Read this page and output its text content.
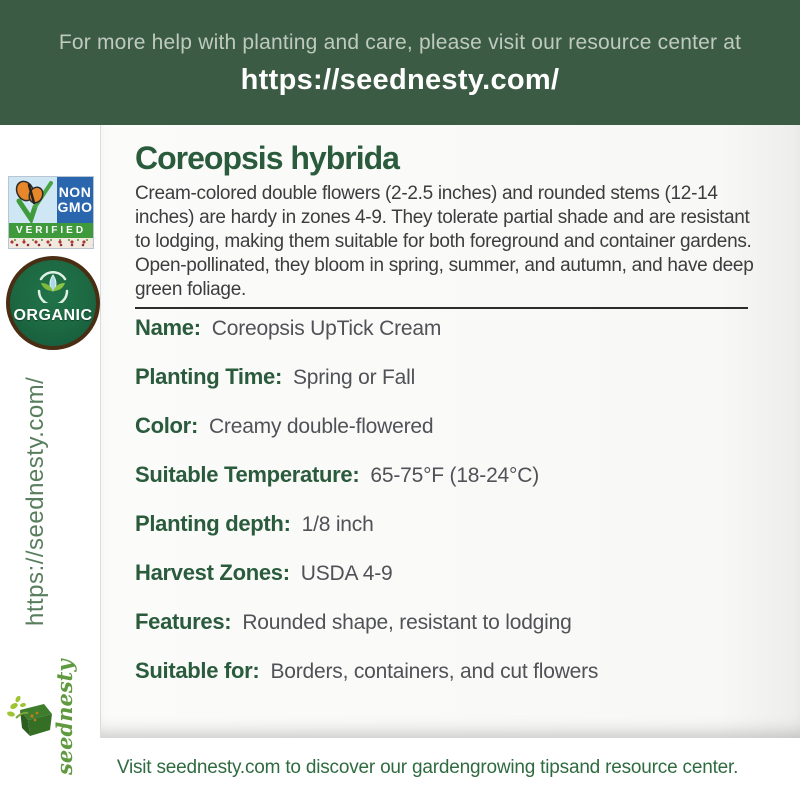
For more help with planting and care, please visit our resource center at
https://seednesty.com/
NON
GMO
VERIFIED
ORGANIC
https://seednesty.com/
seednesty
Coreopsis hybrida
Cream-colored double flowers (2-2.5 inches) and rounded stems (12-14 inches) are hardy in zones 4-9. They tolerate partial shade and are resistant to lodging, making them suitable for both foreground and container gardens. Open-pollinated, they bloom in spring, summer, and autumn, and have deep green foliage.
Name: Coreopsis UpTick Cream
Planting Time: Spring or Fall
Color: Creamy double-flowered
Suitable Temperature: 65-75°F (18-24°C)
Planting depth: 1/8 inch
Harvest Zones: USDA 4-9
Features: Rounded shape, resistant to lodging
Suitable for: Borders, containers, and cut flowers
Visit seednesty.com to discover our gardengrowing tipsand resource center.
